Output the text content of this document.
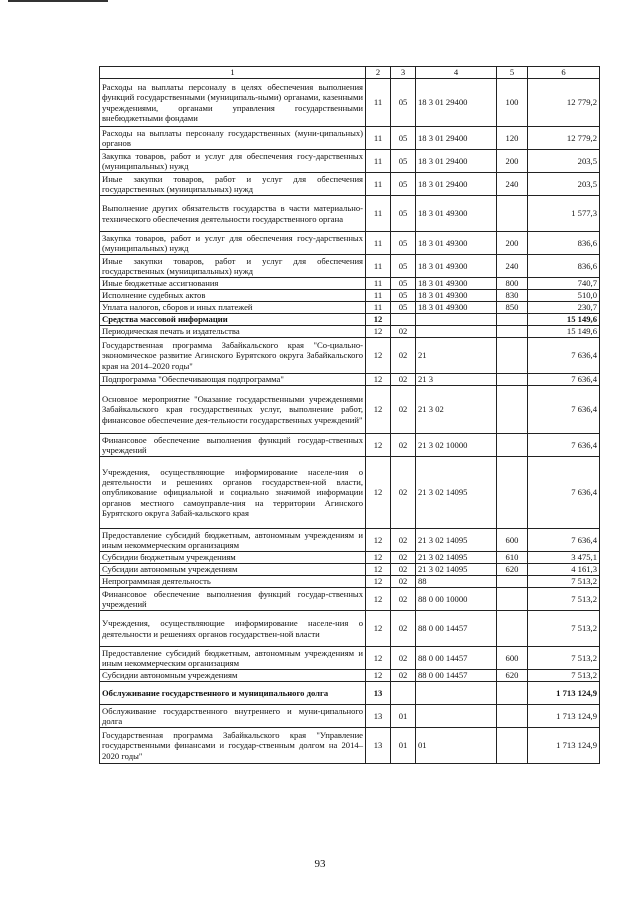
1	2	3	4	5	6
Расходы на выплаты персоналу в целях обеспечения выполнения функций государственными (муниципаль-ными) органами, казенными учреждениями, органами управления государственными внебюджетными фондами	11	05	18 3 01 29400	100	12 779,2
Расходы на выплаты персоналу государственных (муни-ципальных) органов	11	05	18 3 01 29400	120	12 779,2
Закупка товаров, работ и услуг для обеспечения госу-дарственных (муниципальных) нужд	11	05	18 3 01 29400	200	203,5
Иные закупки товаров, работ и услуг для обеспечения государственных (муниципальных) нужд	11	05	18 3 01 29400	240	203,5
Выполнение других обязательств государства в части материально-технического обеспечения деятельности государственного органа	11	05	18 3 01 49300		1 577,3
Закупка товаров, работ и услуг для обеспечения госу-дарственных (муниципальных) нужд	11	05	18 3 01 49300	200	836,6
Иные закупки товаров, работ и услуг для обеспечения государственных (муниципальных) нужд	11	05	18 3 01 49300	240	836,6
Иные бюджетные ассигнования	11	05	18 3 01 49300	800	740,7
Исполнение судебных актов	11	05	18 3 01 49300	830	510,0
Уплата налогов, сборов и иных платежей	11	05	18 3 01 49300	850	230,7
Средства массовой информации	12				15 149,6
Периодическая печать и издательства	12	02			15 149,6
Государственная программа Забайкальского края "Со-циально-экономическое развитие Агинского Бурятского округа Забайкальского края на 2014–2020 годы"	12	02	21		7 636,4
Подпрограмма "Обеспечивающая подпрограмма"	12	02	21 3		7 636,4
Основное мероприятие "Оказание государственными учреждениями Забайкальского края государственных услуг, выполнение работ, финансовое обеспечение дея-тельности государственных учреждений"	12	02	21 3 02		7 636,4
Финансовое обеспечение выполнения функций государ-ственных учреждений	12	02	21 3 02 10000		7 636,4
Учреждения, осуществляющие информирование населе-ния о деятельности и решениях органов государствен-ной власти, опубликование официальной и социально значимой информации органов местного самоуправле-ния на территории Агинского Бурятского округа Забай-кальского края	12	02	21 3 02 14095		7 636,4
Предоставление субсидий бюджетным, автономным учреждениям и иным некоммерческим организациям	12	02	21 3 02 14095	600	7 636,4
Субсидии бюджетным учреждениям	12	02	21 3 02 14095	610	3 475,1
Субсидии автономным учреждениям	12	02	21 3 02 14095	620	4 161,3
Непрограммная деятельность	12	02	88		7 513,2
Финансовое обеспечение выполнения функций государ-ственных учреждений	12	02	88 0 00 10000		7 513,2
Учреждения, осуществляющие информирование населе-ния о деятельности и решениях органов государствен-ной власти	12	02	88 0 00 14457		7 513,2
Предоставление субсидий бюджетным, автономным учреждениям и иным некоммерческим организациям	12	02	88 0 00 14457	600	7 513,2
Субсидии автономным учреждениям	12	02	88 0 00 14457	620	7 513,2
Обслуживание государственного и муниципального долга	13				1 713 124,9
Обслуживание государственного внутреннего и муни-ципального долга	13	01			1 713 124,9
Государственная программа Забайкальского края "Управление государственными финансами и государ-ственным долгом на 2014–2020 годы"	13	01	01		1 713 124,9
93
